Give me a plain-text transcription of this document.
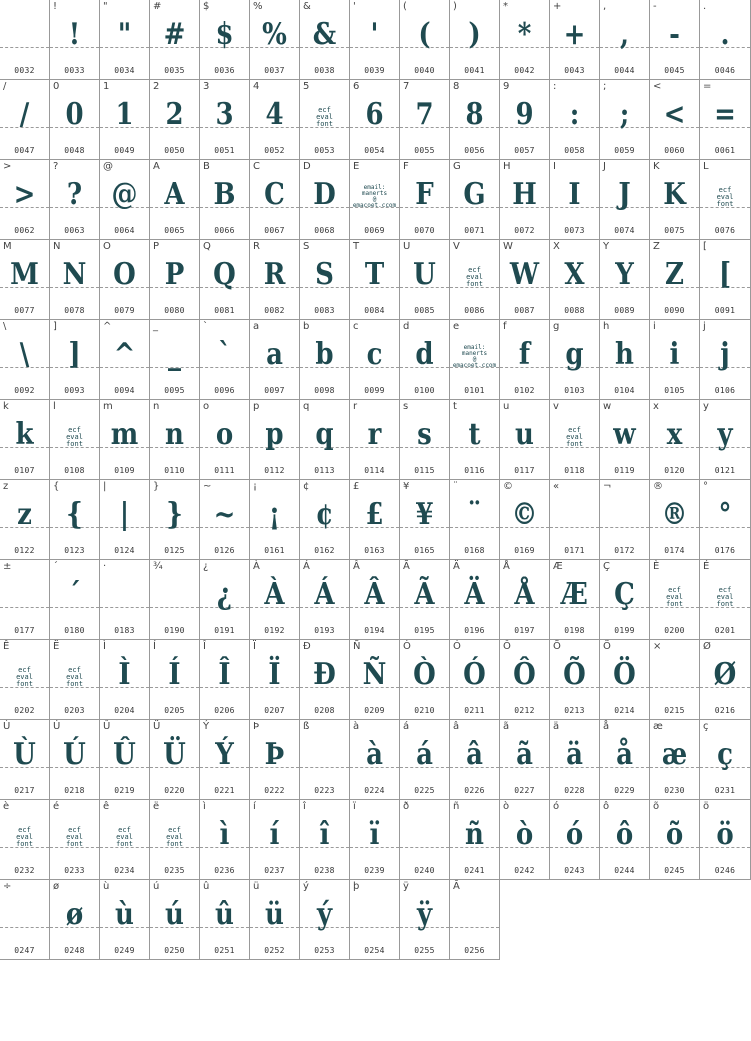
0032
!
!
0033
"
"
0034
#
#
0035
$
$
0036
%
%
0037
&
&
0038
'
'
0039
(
(
0040
)
)
0041
*
*
0042
+
+
0043
,
,
0044
-
-
0045
.
.
0046
/
/
0047
0
0
0048
1
1
0049
2
2
0050
3
3
0051
4
4
0052
5
ecf
eval
font
0053
6
6
0054
7
7
0055
8
8
0056
9
9
0057
:
:
0058
;
;
0059
<
<
0060
=
=
0061
>
>
0062
?
?
0063
@
@
0064
A
A
0065
B
B
0066
C
C
0067
D
D
0068
E
email:
manerts
@
emacoet.ccom
0069
F
F
0070
G
G
0071
H
H
0072
I
I
0073
J
J
0074
K
K
0075
L
ecf
eval
font
0076
M
M
0077
N
N
0078
O
O
0079
P
P
0080
Q
Q
0081
R
R
0082
S
S
0083
T
T
0084
U
U
0085
V
ecf
eval
font
0086
W
W
0087
X
X
0088
Y
Y
0089
Z
Z
0090
[
[
0091
\
\
0092
]
]
0093
^
^
0094
_
_
0095
`
`
0096
a
a
0097
b
b
0098
c
c
0099
d
d
0100
e
email:
manerts
@
emacoet.ccom
0101
f
f
0102
g
g
0103
h
h
0104
i
i
0105
j
j
0106
k
k
0107
l
ecf
eval
font
0108
m
m
0109
n
n
0110
o
o
0111
p
p
0112
q
q
0113
r
r
0114
s
s
0115
t
t
0116
u
u
0117
v
ecf
eval
font
0118
w
w
0119
x
x
0120
y
y
0121
z
z
0122
{
{
0123
|
|
0124
}
}
0125
~
~
0126
¡
¡
0161
¢
¢
0162
£
£
0163
¥
¥
0165
¨
¨
0168
©
©
0169
«
0171
¬
0172
®
®
0174
°
°
0176
±
0177
´
´
0180
·
0183
¾
0190
¿
¿
0191
À
À
0192
Á
Á
0193
Â
Â
0194
Ã
Ã
0195
Ä
Ä
0196
Å
Å
0197
Æ
Æ
0198
Ç
Ç
0199
È
ecf
eval
font
0200
É
ecf
eval
font
0201
Ê
ecf
eval
font
0202
Ë
ecf
eval
font
0203
Ì
Ì
0204
Í
Í
0205
Î
Î
0206
Ï
Ï
0207
Ð
Ð
0208
Ñ
Ñ
0209
Ò
Ò
0210
Ó
Ó
0211
Ô
Ô
0212
Õ
Õ
0213
Ö
Ö
0214
×
0215
Ø
Ø
0216
Ù
Ù
0217
Ú
Ú
0218
Û
Û
0219
Ü
Ü
0220
Ý
Ý
0221
Þ
Þ
0222
ß
0223
à
à
0224
á
á
0225
â
â
0226
ã
ã
0227
ä
ä
0228
å
å
0229
æ
æ
0230
ç
ç
0231
è
ecf
eval
font
0232
é
ecf
eval
font
0233
ê
ecf
eval
font
0234
ë
ecf
eval
font
0235
ì
ì
0236
í
í
0237
î
î
0238
ï
ï
0239
ð
0240
ñ
ñ
0241
ò
ò
0242
ó
ó
0243
ô
ô
0244
õ
õ
0245
ö
ö
0246
÷
0247
ø
ø
0248
ù
ù
0249
ú
ú
0250
û
û
0251
ü
ü
0252
ý
ý
0253
þ
0254
ÿ
ÿ
0255
Ā
0256
